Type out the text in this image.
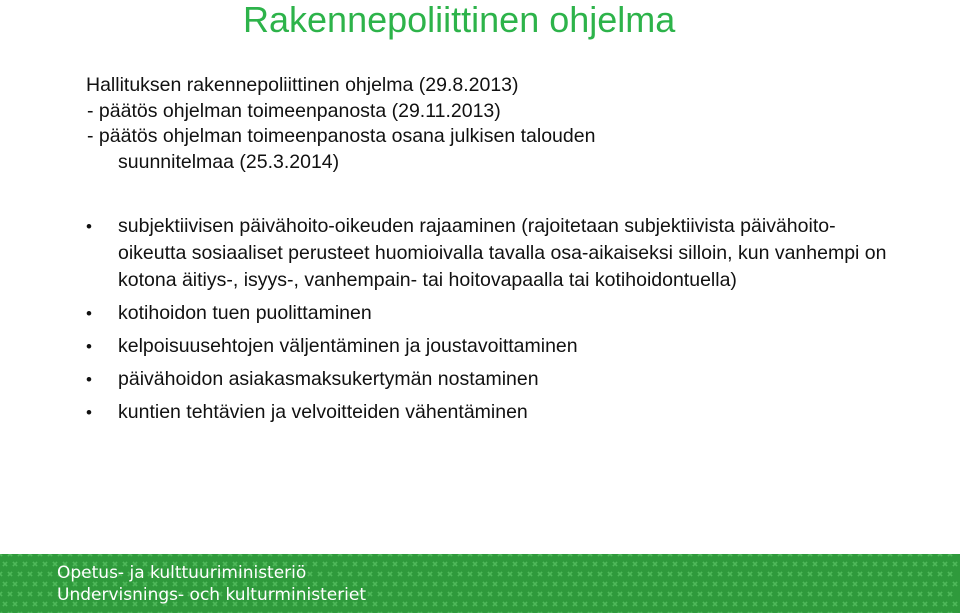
Rakennepoliittinen ohjelma
Hallituksen rakennepoliittinen ohjelma (29.8.2013)
- päätös ohjelman toimeenpanosta (29.11.2013)
- päätös ohjelman toimeenpanosta osana julkisen talouden
suunnitelmaa (25.3.2014)
• subjektiivisen päivähoito-oikeuden rajaaminen (rajoitetaan subjektiivista päivähoito-oikeutta sosiaaliset perusteet huomioivalla tavalla osa-aikaiseksi silloin, kun vanhempi on kotona äitiys-, isyys-, vanhempain- tai hoitovapaalla tai kotihoidontuella)
• kotihoidon tuen puolittaminen
• kelpoisuusehtojen väljentäminen ja joustavoittaminen
• päivähoidon asiakasmaksukertymän nostaminen
• kuntien tehtävien ja velvoitteiden vähentäminen
Opetus- ja kulttuuriministeriö
Undervisnings- och kulturministeriet
